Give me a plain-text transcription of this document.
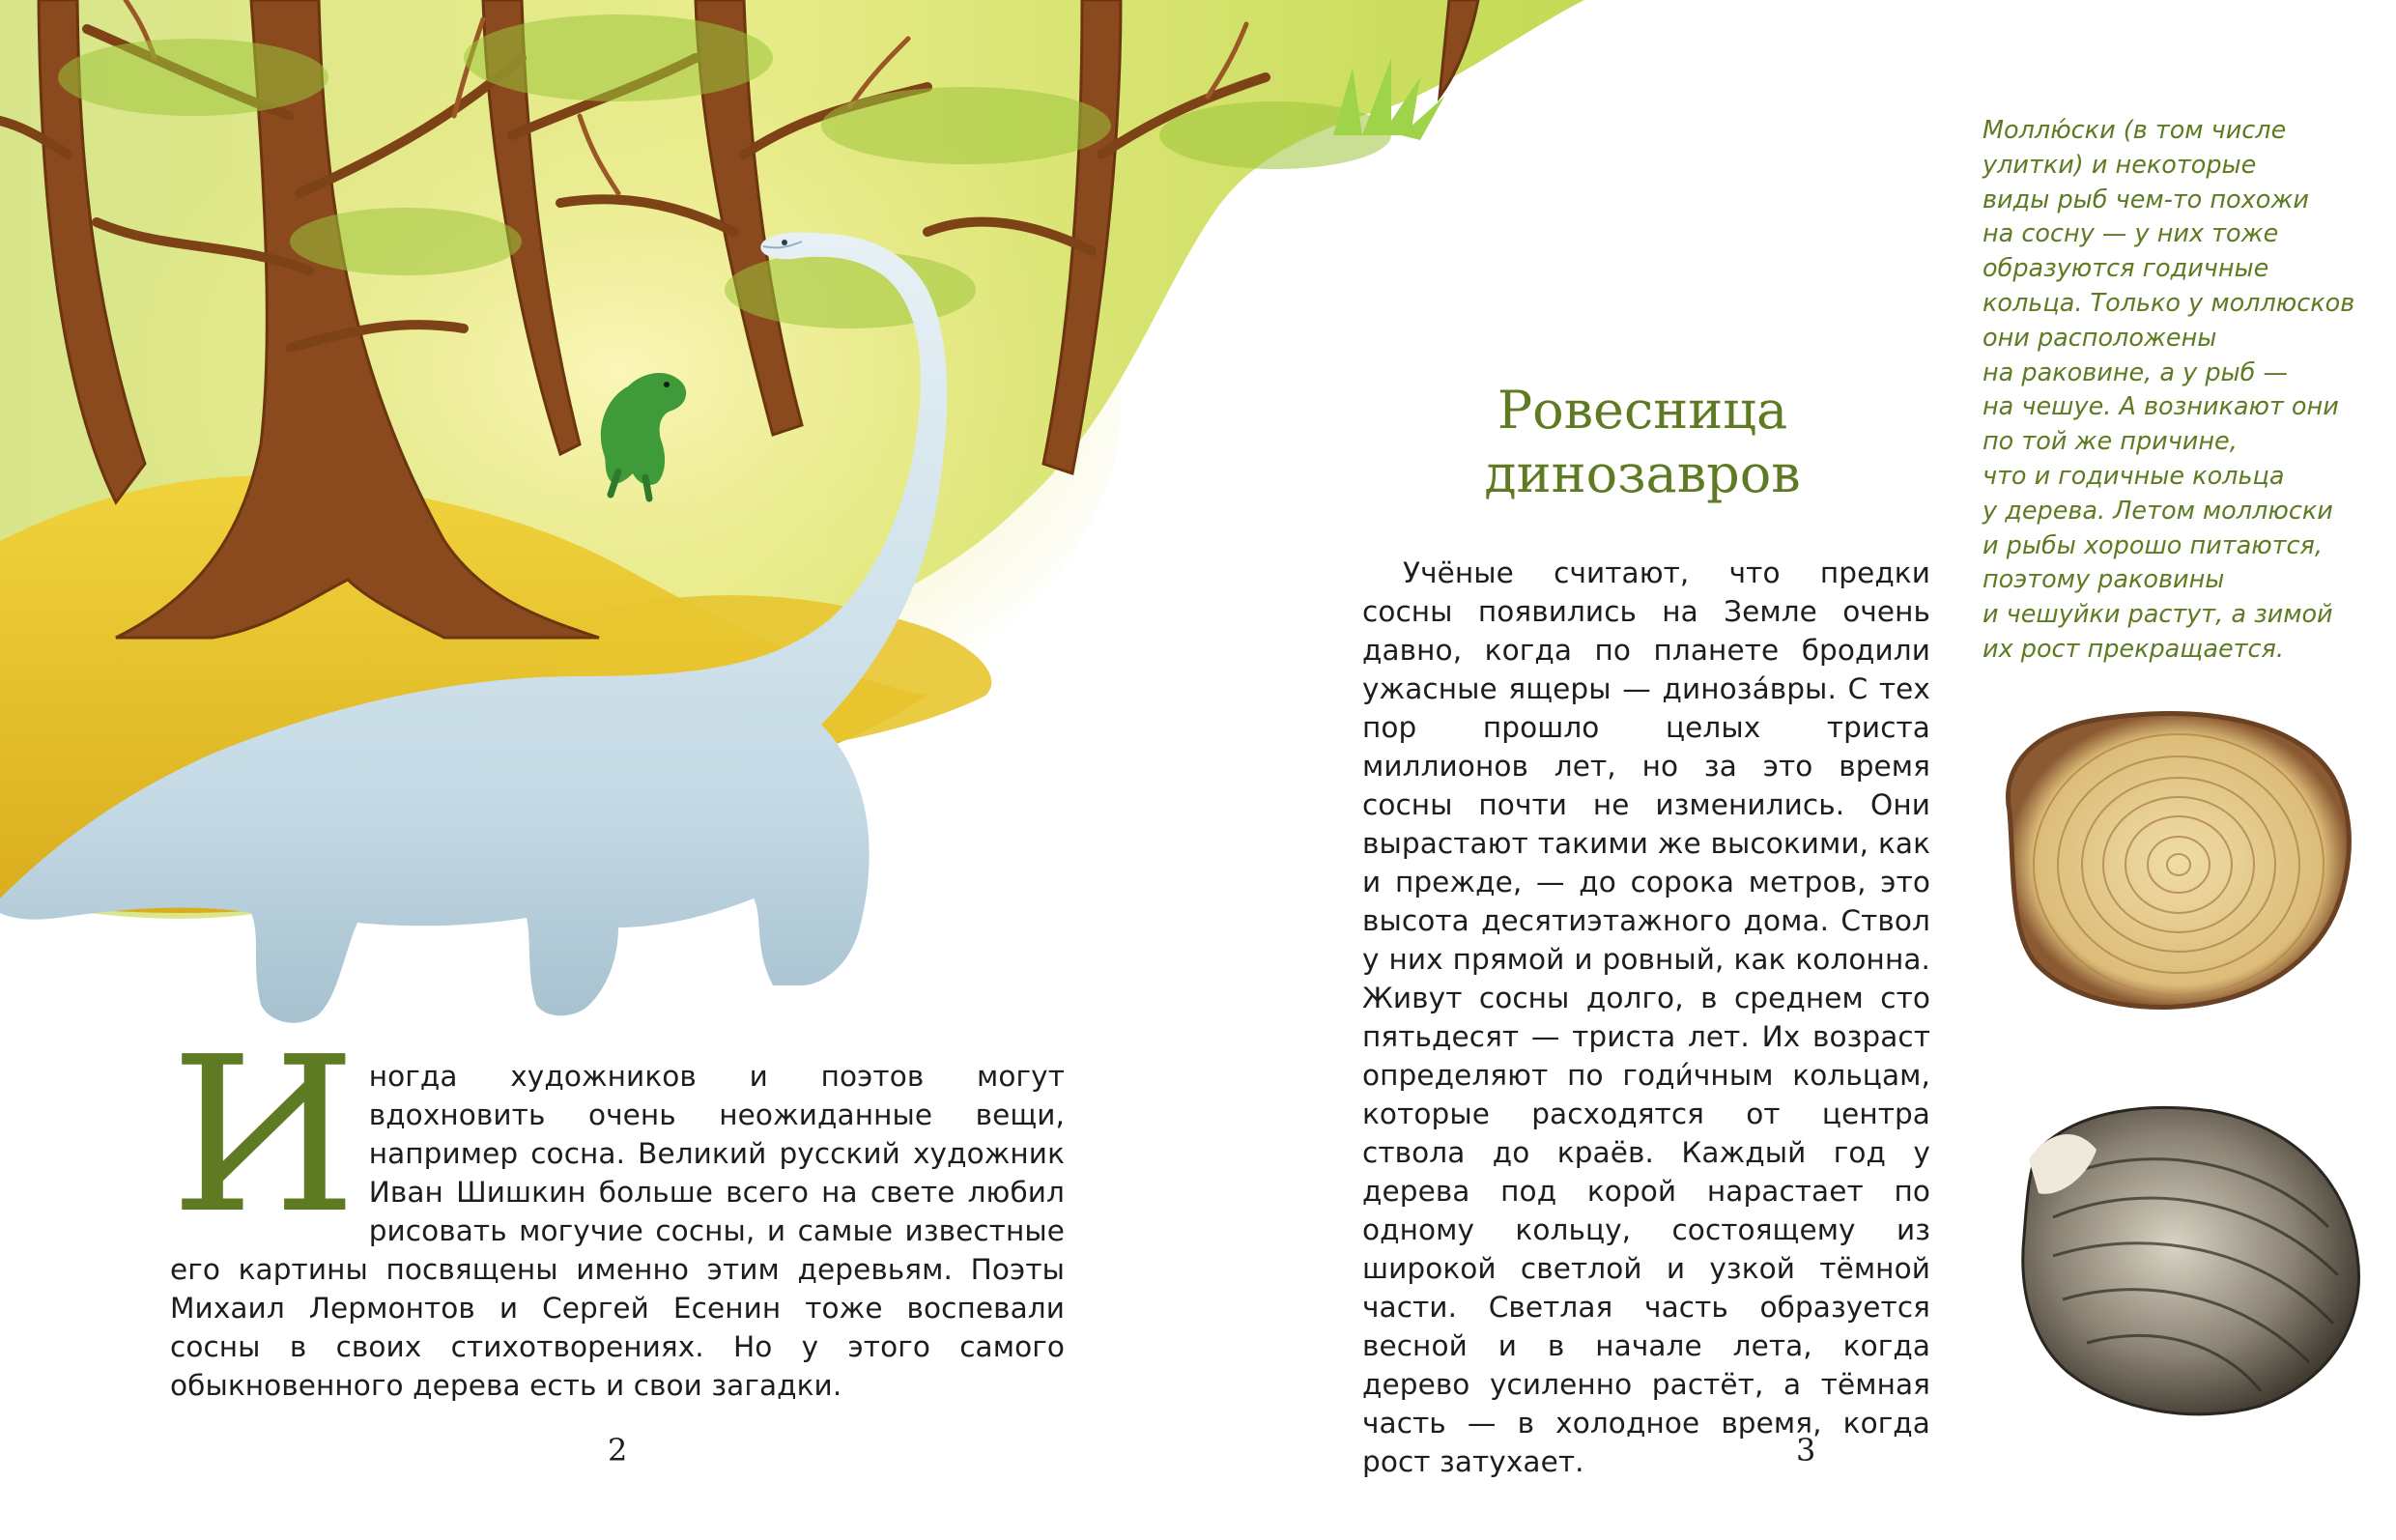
Иногда художников и поэтов могут вдохновить очень неожиданные вещи, например сосна. Великий русский художник Иван Шишкин больше всего на свете любил рисовать могучие сосны, и самые известные его картины посвящены именно этим деревьям. Поэты Михаил Лермонтов и Сергей Есенин тоже воспевали сосны в своих стихотворениях. Но у этого самого обыкновенного дерева есть и свои загадки.

Ровесница
динозавров

Учёные считают, что предки сосны появились на Земле очень давно, когда по планете бродили ужасные ящеры — диноза́вры. С тех пор прошло целых триста миллионов лет, но за это время сосны почти не изменились. Они вырастают такими же высокими, как и прежде, — до сорока метров, это высота десятиэтажного дома. Ствол у них прямой и ровный, как колонна. Живут сосны долго, в среднем сто пятьдесят — триста лет. Их возраст определяют по годи́чным кольцам, которые расходятся от центра ствола до краёв. Каждый год у дерева под корой нарастает по одному кольцу, состоящему из широкой светлой и узкой тёмной части. Светлая часть образуется весной и в начале лета, когда дерево усиленно растёт, а тёмная часть — в холодное время, когда рост затухает.

Моллю́ски (в том числе
улитки) и некоторые
виды рыб чем-то похожи
на сосну — у них тоже
образуются годичные
кольца. Только у моллюсков
они расположены
на раковине, а у рыб —
на чешуе. А возникают они
по той же причине,
что и годичные кольца
у дерева. Летом моллюски
и рыбы хорошо питаются,
поэтому раковины
и чешуйки растут, а зимой
их рост прекращается.
2	3
